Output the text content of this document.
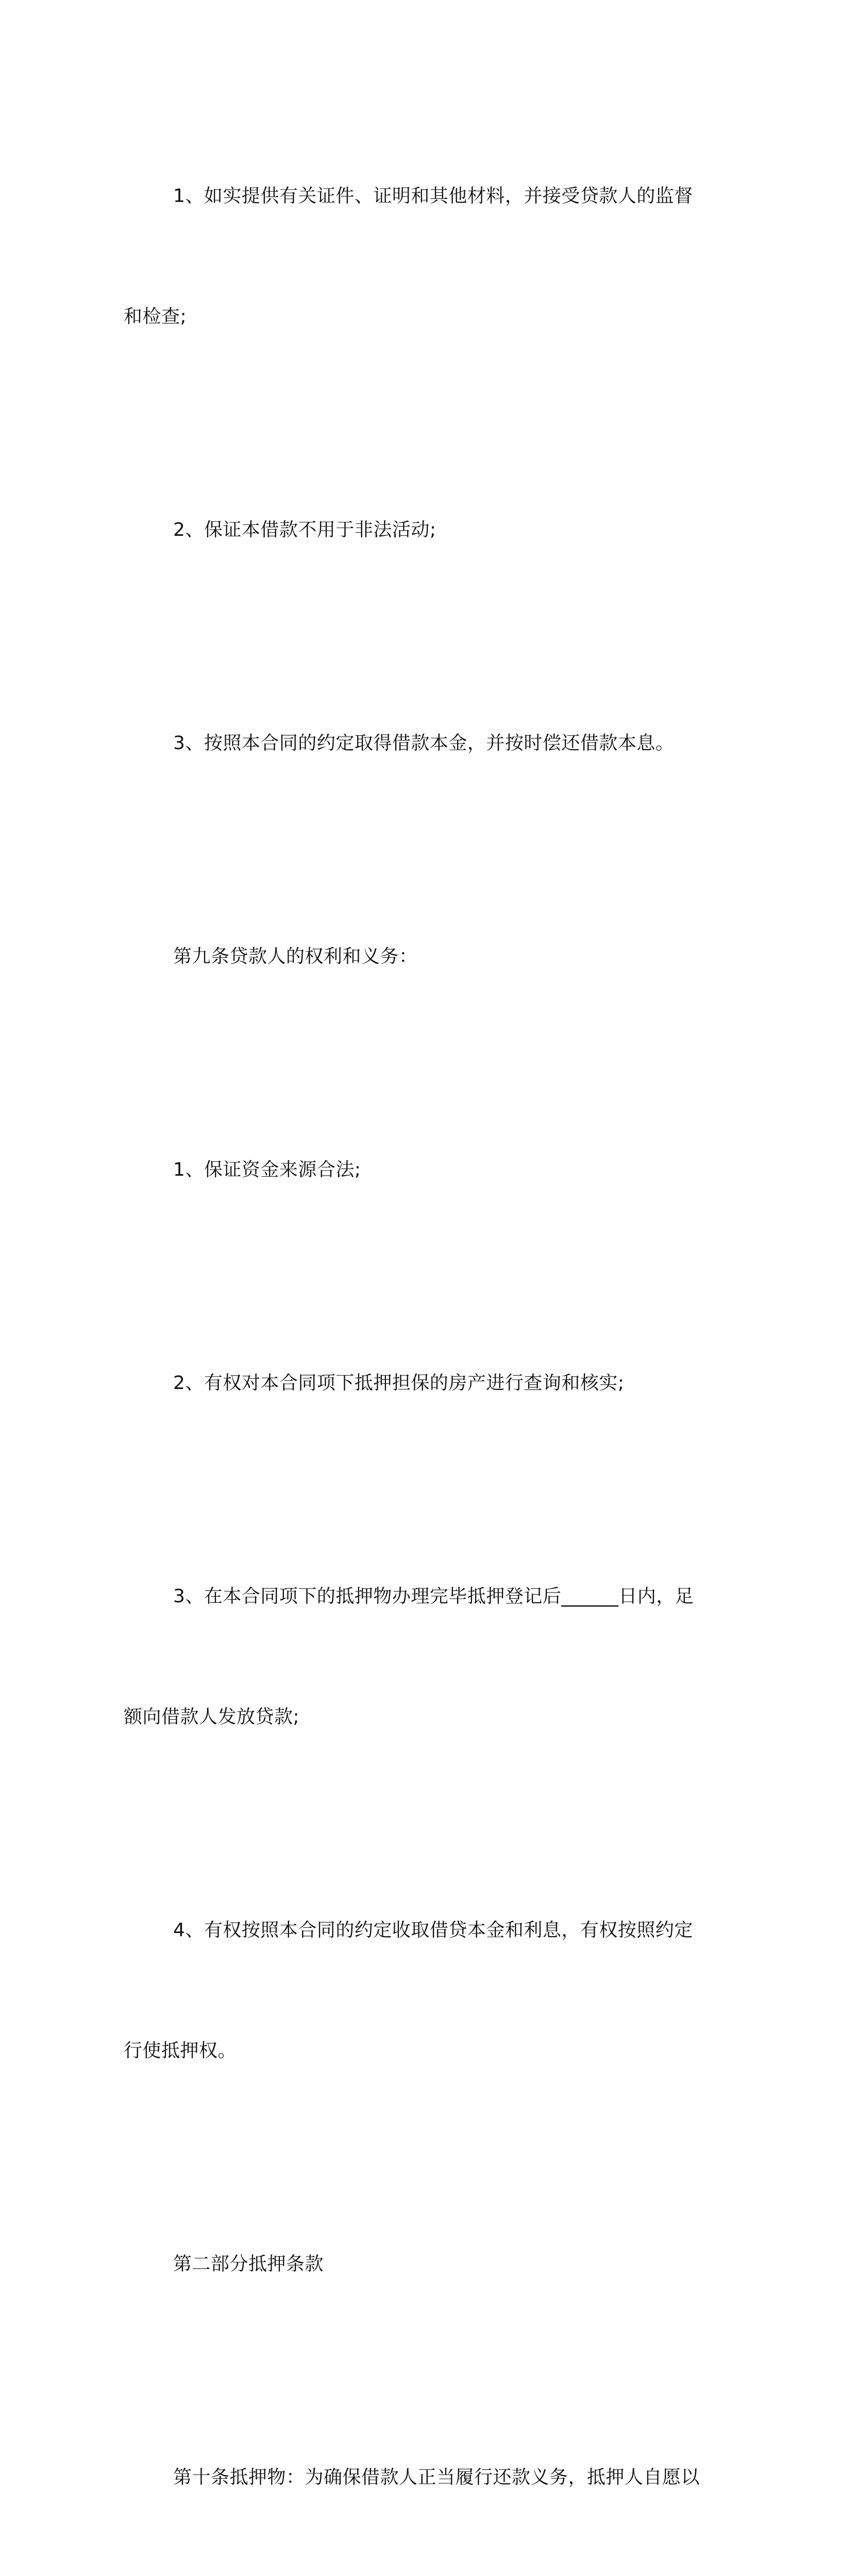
1、如实提供有关证件、证明和其他材料，并接受贷款人的监督

和检查;

2、保证本借款不用于非法活动;

3、按照本合同的约定取得借款本金，并按时偿还借款本息。

第九条贷款人的权利和义务：

1、保证资金来源合法;

2、有权对本合同项下抵押担保的房产进行查询和核实;

3、在本合同项下的抵押物办理完毕抵押登记后______日内，足

额向借款人发放贷款;

4、有权按照本合同的约定收取借贷本金和利息，有权按照约定

行使抵押权。

第二部分抵押条款

第十条抵押物：为确保借款人正当履行还款义务，抵押人自愿以
